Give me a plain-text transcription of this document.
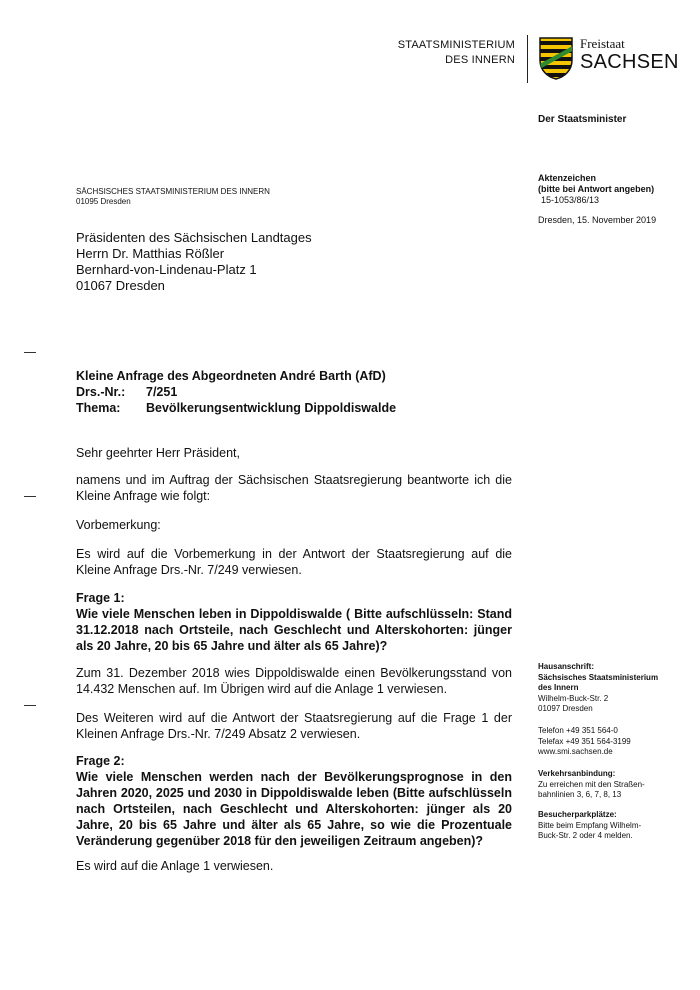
STAATSMINISTERIUM
DES INNERN
Freistaat
SACHSEN
Der Staatsminister
Aktenzeichen
(bitte bei Antwort angeben)
15-1053/86/13
Dresden, 15. November 2019
SÄCHSISCHES STAATSMINISTERIUM DES INNERN
01095 Dresden
Präsidenten des Sächsischen Landtages
Herrn Dr. Matthias Rößler
Bernhard-von-Lindenau-Platz 1
01067 Dresden
Kleine Anfrage des Abgeordneten André Barth (AfD)
Drs.-Nr.: 7/251
Thema: Bevölkerungsentwicklung Dippoldiswalde
Sehr geehrter Herr Präsident,
namens und im Auftrag der Sächsischen Staatsregierung beantworte ich die Kleine Anfrage wie folgt:
Vorbemerkung:
Es wird auf die Vorbemerkung in der Antwort der Staatsregierung auf die Kleine Anfrage Drs.-Nr. 7/249 verwiesen.
Frage 1:
Wie viele Menschen leben in Dippoldiswalde ( Bitte aufschlüsseln: Stand 31.12.2018 nach Ortsteile, nach Geschlecht und Alterskohorten: jünger als 20 Jahre, 20 bis 65 Jahre und älter als 65 Jahre)?
Zum 31. Dezember 2018 wies Dippoldiswalde einen Bevölkerungsstand von 14.432 Menschen auf. Im Übrigen wird auf die Anlage 1 verwiesen.
Des Weiteren wird auf die Antwort der Staatsregierung auf die Frage 1 der Kleinen Anfrage Drs.-Nr. 7/249 Absatz 2 verwiesen.
Frage 2:
Wie viele Menschen werden nach der Bevölkerungsprognose in den Jahren 2020, 2025 und 2030 in Dippoldiswalde leben (Bitte aufschlüsseln nach Ortsteilen, nach Geschlecht und Alterskohorten: jünger als 20 Jahre, 20 bis 65 Jahre und älter als 65 Jahre, so wie die Prozentuale Veränderung gegenüber 2018 für den jeweiligen Zeitraum angeben)?
Es wird auf die Anlage 1 verwiesen.
Hausanschrift:
Sächsisches Staatsministerium
des Innern
Wilhelm-Buck-Str. 2
01097 Dresden
Telefon +49 351 564-0
Telefax +49 351 564-3199
www.smi.sachsen.de
Verkehrsanbindung:
Zu erreichen mit den Straßen-
bahnlinien 3, 6, 7, 8, 13
Besucherparkplätze:
Bitte beim Empfang Wilhelm-
Buck-Str. 2 oder 4 melden.
